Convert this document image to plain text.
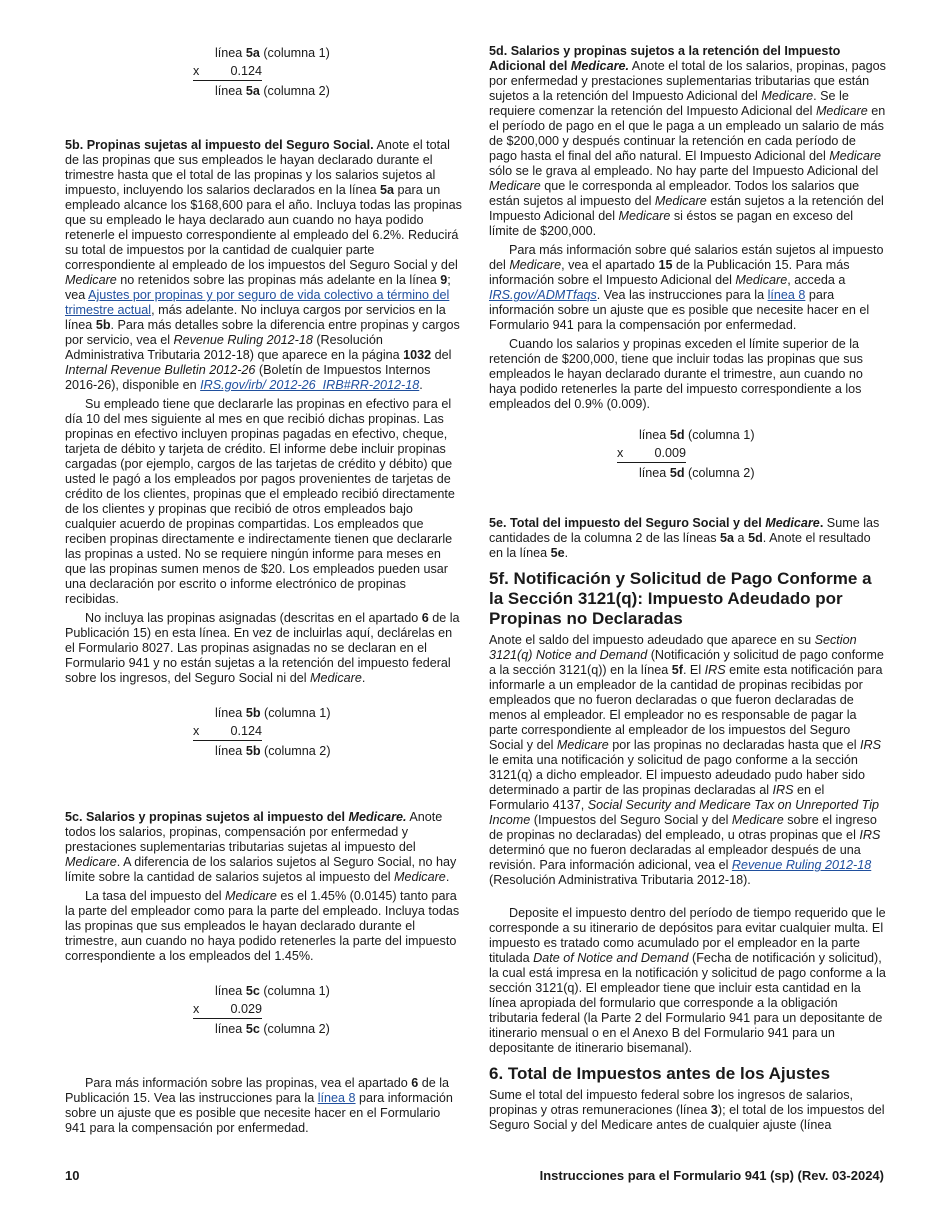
línea 5a (columna 1)
x 0.124
línea 5a (columna 2)

5b. Propinas sujetas al impuesto del Seguro Social. Anote el total de las propinas que sus empleados le hayan declarado durante el trimestre hasta que el total de las propinas y los salarios sujetos al impuesto, incluyendo los salarios declarados en la línea 5a para un empleado alcance los $168,600 para el año. Incluya todas las propinas que su empleado le haya declarado aun cuando no haya podido retenerle el impuesto correspondiente al empleado del 6.2%. Reducirá su total de impuestos por la cantidad de cualquier parte correspondiente al empleado de los impuestos del Seguro Social y del Medicare no retenidos sobre las propinas más adelante en la línea 9; vea Ajustes por propinas y por seguro de vida colectivo a término del trimestre actual, más adelante. No incluya cargos por servicios en la línea 5b. Para más detalles sobre la diferencia entre propinas y cargos por servicio, vea el Revenue Ruling 2012-18 (Resolución Administrativa Tributaria 2012-18) que aparece en la página 1032 del Internal Revenue Bulletin 2012-26 (Boletín de Impuestos Internos 2016-26), disponible en IRS.gov/irb/ 2012-26_IRB#RR-2012-18.

Su empleado tiene que declararle las propinas en efectivo para el día 10 del mes siguiente al mes en que recibió dichas propinas. Las propinas en efectivo incluyen propinas pagadas en efectivo, cheque, tarjeta de débito y tarjeta de crédito. El informe debe incluir propinas cargadas (por ejemplo, cargos de las tarjetas de crédito y débito) que usted le pagó a los empleados por pagos provenientes de tarjetas de crédito de los clientes, propinas que el empleado recibió directamente de los clientes y propinas que recibió de otros empleados bajo cualquier acuerdo de propinas compartidas. Los empleados que reciben propinas directamente e indirectamente tienen que declararle las propinas a usted. No se requiere ningún informe para meses en que las propinas sumen menos de $20. Los empleados pueden usar una declaración por escrito o informe electrónico de propinas recibidas.

No incluya las propinas asignadas (descritas en el apartado 6 de la Publicación 15) en esta línea. En vez de incluirlas aquí, declárelas en el Formulario 8027. Las propinas asignadas no se declaran en el Formulario 941 y no están sujetas a la retención del impuesto federal sobre los ingresos, del Seguro Social ni del Medicare.

línea 5b (columna 1)
x 0.124
línea 5b (columna 2)

5c. Salarios y propinas sujetos al impuesto del Medicare. Anote todos los salarios, propinas, compensación por enfermedad y prestaciones suplementarias tributarias sujetas al impuesto del Medicare. A diferencia de los salarios sujetos al Seguro Social, no hay límite sobre la cantidad de salarios sujetos al impuesto del Medicare.

La tasa del impuesto del Medicare es el 1.45% (0.0145) tanto para la parte del empleador como para la parte del empleado. Incluya todas las propinas que sus empleados le hayan declarado durante el trimestre, aun cuando no haya podido retenerles la parte del impuesto correspondiente a los empleados del 1.45%.

línea 5c (columna 1)
x 0.029
línea 5c (columna 2)

Para más información sobre las propinas, vea el apartado 6 de la Publicación 15. Vea las instrucciones para la línea 8 para información sobre un ajuste que es posible que necesite hacer en el Formulario 941 para la compensación por enfermedad.

5d. Salarios y propinas sujetos a la retención del Impuesto Adicional del Medicare. Anote el total de los salarios, propinas, pagos por enfermedad y prestaciones suplementarias tributarias que están sujetos a la retención del Impuesto Adicional del Medicare. Se le requiere comenzar la retención del Impuesto Adicional del Medicare en el período de pago en el que le paga a un empleado un salario de más de $200,000 y después continuar la retención en cada período de pago hasta el final del año natural. El Impuesto Adicional del Medicare sólo se le grava al empleado. No hay parte del Impuesto Adicional del Medicare que le corresponda al empleador. Todos los salarios que están sujetos al impuesto del Medicare están sujetos a la retención del Impuesto Adicional del Medicare si éstos se pagan en exceso del límite de $200,000.

Para más información sobre qué salarios están sujetos al impuesto del Medicare, vea el apartado 15 de la Publicación 15. Para más información sobre el Impuesto Adicional del Medicare, acceda a IRS.gov/ADMTfaqs. Vea las instrucciones para la línea 8 para información sobre un ajuste que es posible que necesite hacer en el Formulario 941 para la compensación por enfermedad.

Cuando los salarios y propinas exceden el límite superior de la retención de $200,000, tiene que incluir todas las propinas que sus empleados le hayan declarado durante el trimestre, aun cuando no haya podido retenerles la parte del impuesto correspondiente a los empleados del 0.9% (0.009).

línea 5d (columna 1)
x 0.009
línea 5d (columna 2)

5e. Total del impuesto del Seguro Social y del Medicare. Sume las cantidades de la columna 2 de las líneas 5a a 5d. Anote el resultado en la línea 5e.

5f. Notificación y Solicitud de Pago Conforme a la Sección 3121(q): Impuesto Adeudado por Propinas no Declaradas

Anote el saldo del impuesto adeudado que aparece en su Section 3121(q) Notice and Demand (Notificación y solicitud de pago conforme a la sección 3121(q)) en la línea 5f. El IRS emite esta notificación para informarle a un empleador de la cantidad de propinas recibidas por empleados que no fueron declaradas o que fueron declaradas de menos al empleador. El empleador no es responsable de pagar la parte correspondiente al empleador de los impuestos del Seguro Social y del Medicare por las propinas no declaradas hasta que el IRS le emita una notificación y solicitud de pago conforme a la sección 3121(q) a dicho empleador. El impuesto adeudado pudo haber sido determinado a partir de las propinas declaradas al IRS en el Formulario 4137, Social Security and Medicare Tax on Unreported Tip Income (Impuestos del Seguro Social y del Medicare sobre el ingreso de propinas no declaradas) del empleado, u otras propinas que el IRS determinó que no fueron declaradas al empleador después de una revisión. Para información adicional, vea el Revenue Ruling 2012-18 (Resolución Administrativa Tributaria 2012-18).

Deposite el impuesto dentro del período de tiempo requerido que le corresponde a su itinerario de depósitos para evitar cualquier multa. El impuesto es tratado como acumulado por el empleador en la parte titulada Date of Notice and Demand (Fecha de notificación y solicitud), la cual está impresa en la notificación y solicitud de pago conforme a la sección 3121(q). El empleador tiene que incluir esta cantidad en la línea apropiada del formulario que corresponde a la obligación tributaria federal (la Parte 2 del Formulario 941 para un depositante de itinerario mensual o en el Anexo B del Formulario 941 para un depositante de itinerario bisemanal).

6. Total de Impuestos antes de los Ajustes

Sume el total del impuesto federal sobre los ingresos de salarios, propinas y otras remuneraciones (línea 3); el total de los impuestos del Seguro Social y del Medicare antes de cualquier ajuste (línea

10	Instrucciones para el Formulario 941 (sp) (Rev. 03-2024)
